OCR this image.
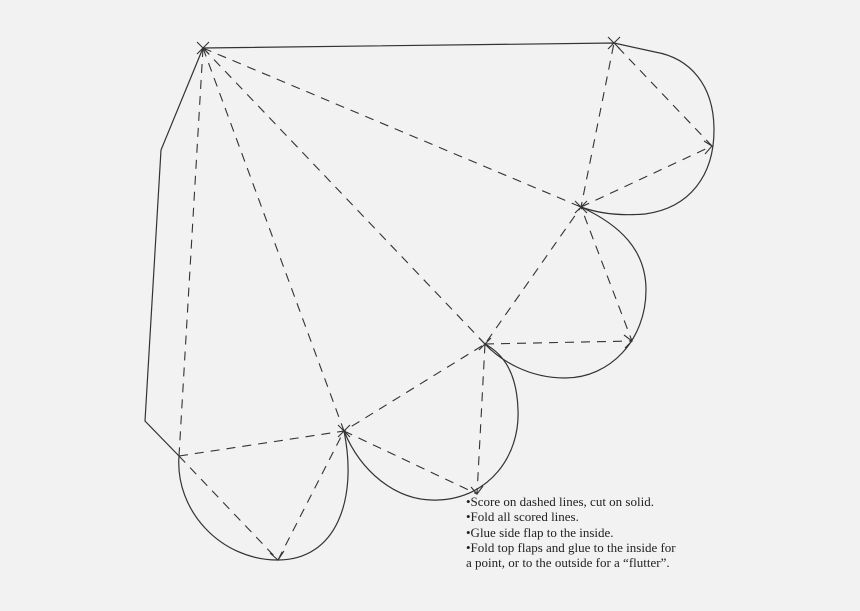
•Score on dashed lines, cut on solid.
•Fold all scored lines.
•Glue side flap to the inside.
•Fold top flaps and glue to the inside for
a point, or to the outside for a “flutter”.
